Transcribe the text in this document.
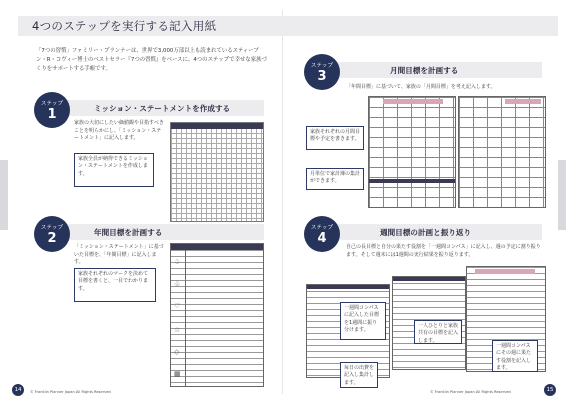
4つのステップを実行する記入用紙
「7つの習慣」ファミリー・プランナーは、世界で3,000万部以上も読まれているスティーブン・R・コヴィー博士のベストセラー『7つの習慣』をベースに、4つのステップで幸せな家族づくりをサポートする手帳です。
ミッション・ステートメントを作成する
ステップ
1
家族の大切にしたい価値観や目指すべきことを明らかにし、「ミッション・ステートメント」に記入します。
家族全員が納得できるミッション・ステートメントを作成します。
年間目標を計画する
ステップ
2
「ミッション・ステートメント」に基づいた目標を、「年間目標」に記入します。
家族それぞれのマークを決めて目標を書くと、一目でわかります。
♤
♧
♡
☆
◇
▦
月間目標を計画する
ステップ
3
「年間目標」に基づいて、家族の「月間目標」を考え記入します。
家族それぞれの月間目標や予定を書きます。
月単位で家計簿の集計ができます。
週間目標の計画と振り返り
ステップ
4
自己の長目標と自分の果たす役割を「一週間コンパス」に記入し、週の予定に割り振ります。そして週末には1週間の実行結果を振り返ります。
一週間コンパスに記入した目標を1週間に振り分けます。
一人ひとりと家族共有の目標を記入します。
毎日の出費を記入し集計します。
一週間コンパスにその週に果たす役割を記入します。
14	© Franklin Planner Japan All Rights Reserved	© Franklin Planner Japan All Rights Reserved	15
